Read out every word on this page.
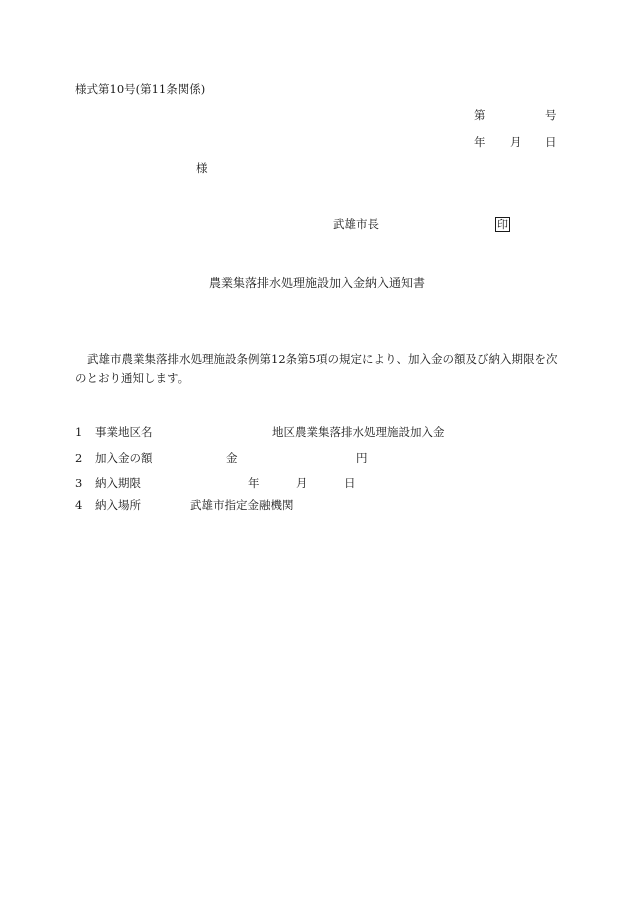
様式第10号(第11条関係)
第	号
年 月 日
様
武雄市長	印
農業集落排水処理施設加入金納入通知書
武雄市農業集落排水処理施設条例第12条第5項の規定により、加入金の額及び納入期限を次のとおり通知します。
1 事業地区名	地区農業集落排水処理施設加入金
2 加入金の額	金	円
3 納入期限	年	月	日
4 納入場所	武雄市指定金融機関
